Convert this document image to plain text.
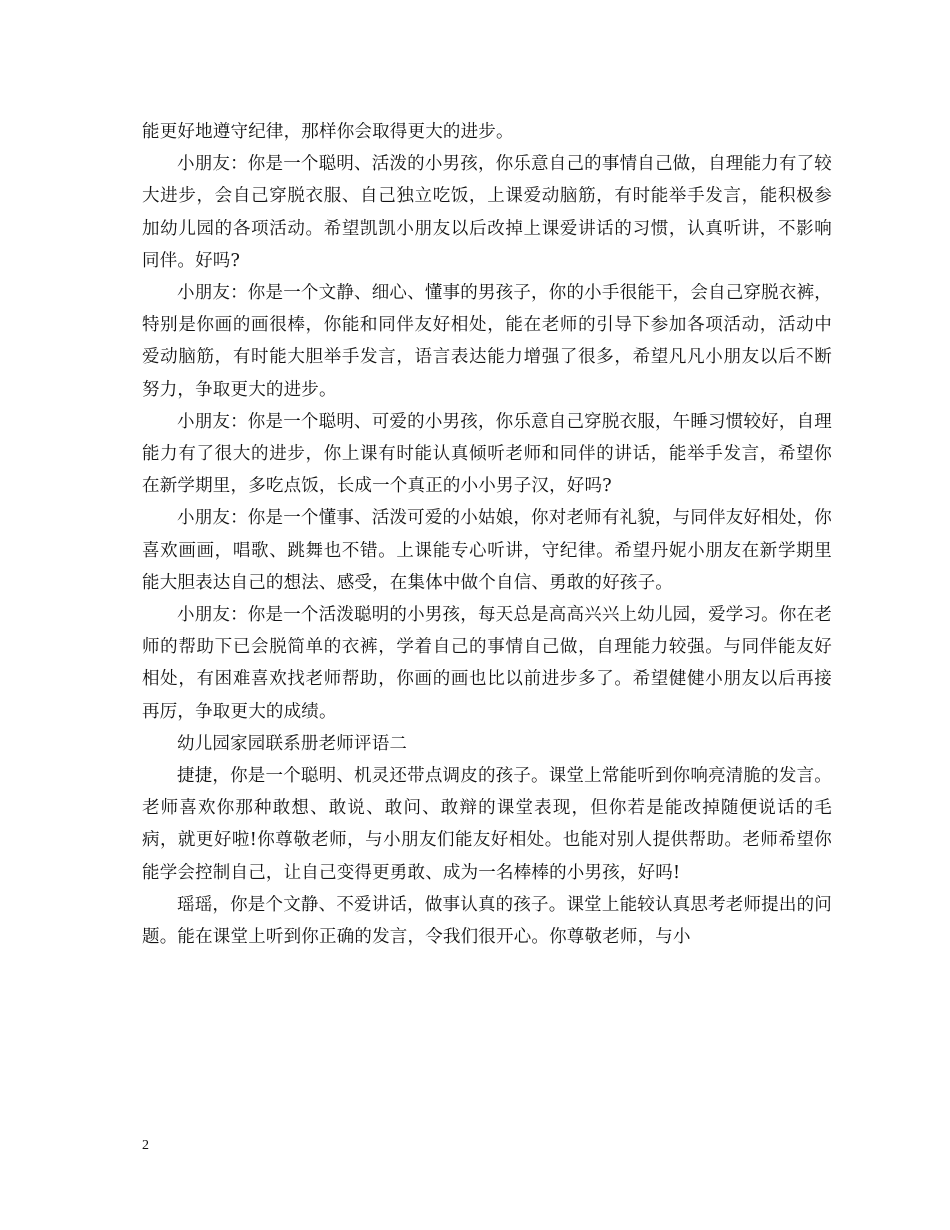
能更好地遵守纪律，那样你会取得更大的进步。

小朋友：你是一个聪明、活泼的小男孩，你乐意自己的事情自己做，自理能力有了较大进步，会自己穿脱衣服、自己独立吃饭，上课爱动脑筋，有时能举手发言，能积极参加幼儿园的各项活动。希望凯凯小朋友以后改掉上课爱讲话的习惯，认真听讲，不影响同伴。好吗?

小朋友：你是一个文静、细心、懂事的男孩子，你的小手很能干，会自己穿脱衣裤，特别是你画的画很棒，你能和同伴友好相处，能在老师的引导下参加各项活动，活动中爱动脑筋，有时能大胆举手发言，语言表达能力增强了很多，希望凡凡小朋友以后不断努力，争取更大的进步。

小朋友：你是一个聪明、可爱的小男孩，你乐意自己穿脱衣服，午睡习惯较好，自理能力有了很大的进步，你上课有时能认真倾听老师和同伴的讲话，能举手发言，希望你在新学期里，多吃点饭，长成一个真正的小小男子汉，好吗?

小朋友：你是一个懂事、活泼可爱的小姑娘，你对老师有礼貌，与同伴友好相处，你喜欢画画，唱歌、跳舞也不错。上课能专心听讲，守纪律。希望丹妮小朋友在新学期里能大胆表达自己的想法、感受，在集体中做个自信、勇敢的好孩子。

小朋友：你是一个活泼聪明的小男孩，每天总是高高兴兴上幼儿园，爱学习。你在老师的帮助下已会脱简单的衣裤，学着自己的事情自己做，自理能力较强。与同伴能友好相处，有困难喜欢找老师帮助，你画的画也比以前进步多了。希望健健小朋友以后再接再厉，争取更大的成绩。

幼儿园家园联系册老师评语二

捷捷，你是一个聪明、机灵还带点调皮的孩子。课堂上常能听到你响亮清脆的发言。老师喜欢你那种敢想、敢说、敢问、敢辩的课堂表现，但你若是能改掉随便说话的毛病，就更好啦!你尊敬老师，与小朋友们能友好相处。也能对别人提供帮助。老师希望你能学会控制自己，让自己变得更勇敢、成为一名棒棒的小男孩，好吗!

瑶瑶，你是个文静、不爱讲话，做事认真的孩子。课堂上能较认真思考老师提出的问题。能在课堂上听到你正确的发言，令我们很开心。你尊敬老师，与小

2
